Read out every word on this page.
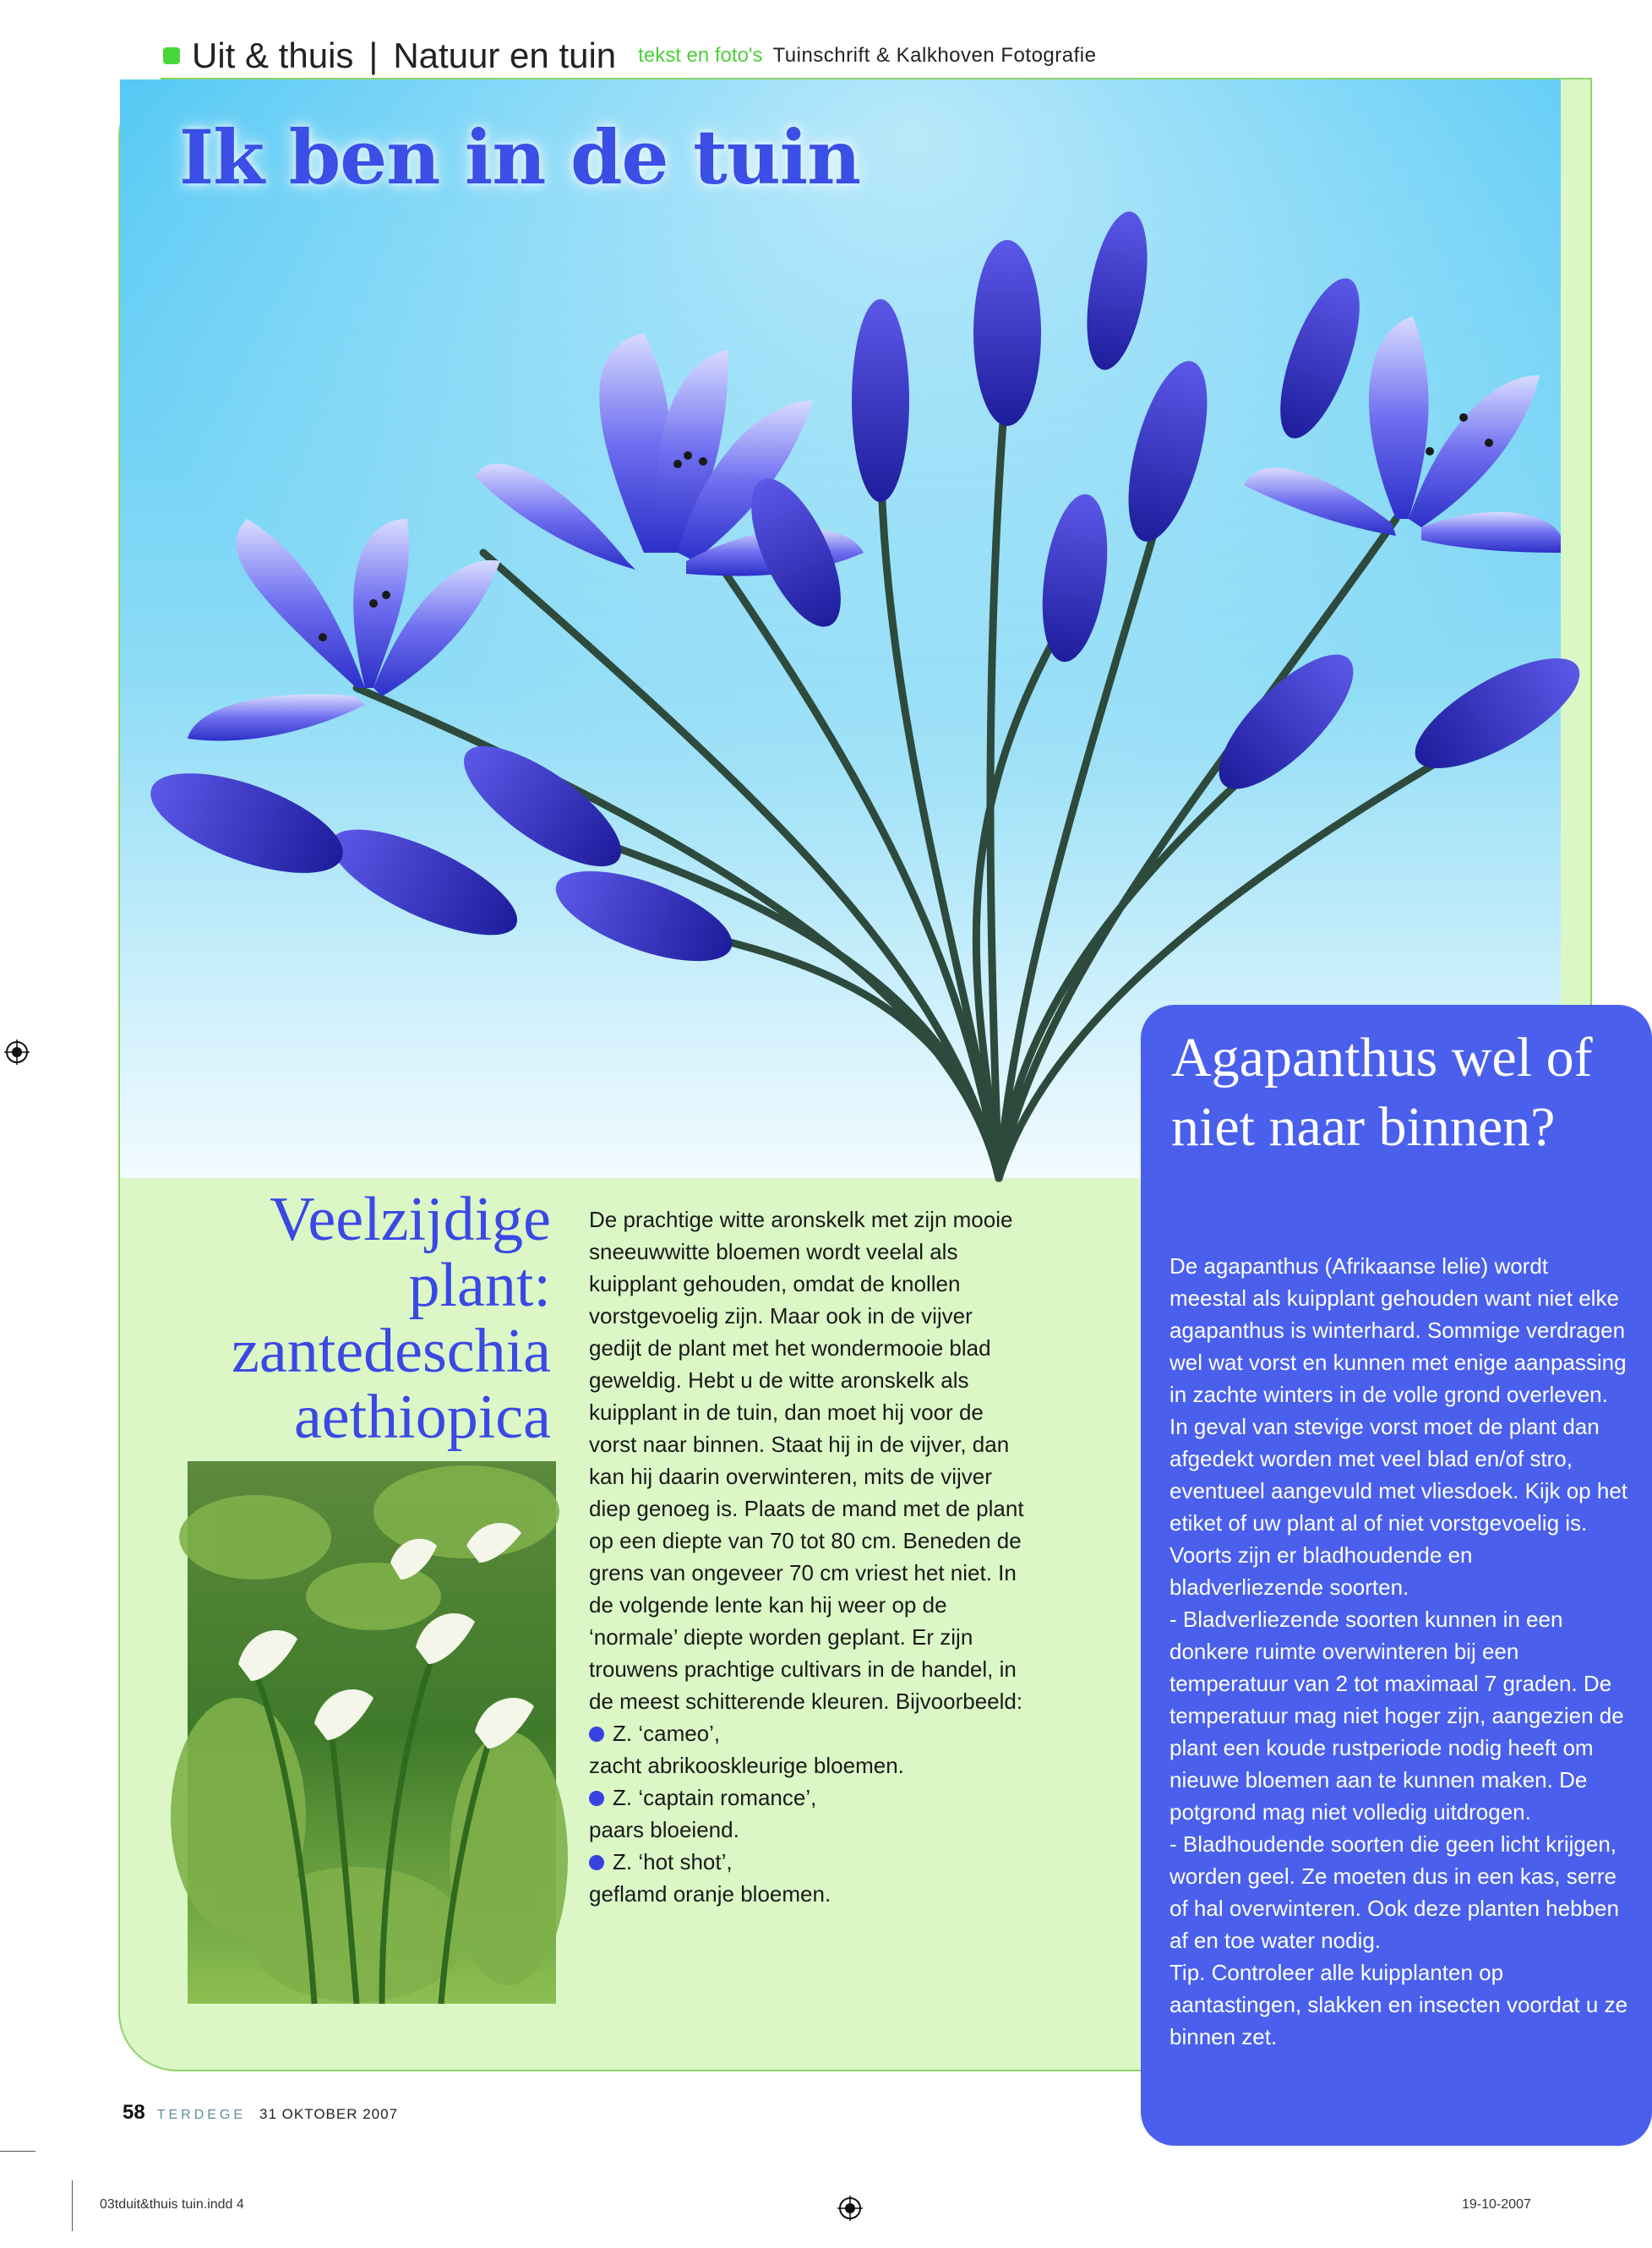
Uit & thuis | Natuur en tuin tekst en foto's Tuinschrift & Kalkhoven Fotografie
Ik ben in de tuin
Veelzijdige plant: zantedeschia aethiopica

De prachtige witte aronskelk met zijn mooie sneeuwwitte bloemen wordt veelal als kuipplant gehouden, omdat de knollen vorstgevoelig zijn. Maar ook in de vijver gedijt de plant met het wondermooie blad geweldig. Hebt u de witte aronskelk als kuipplant in de tuin, dan moet hij voor de vorst naar binnen. Staat hij in de vijver, dan kan hij daarin overwinteren, mits de vijver diep genoeg is. Plaats de mand met de plant op een diepte van 70 tot 80 cm. Beneden de grens van ongeveer 70 cm vriest het niet. In de volgende lente kan hij weer op de ‘normale’ diepte worden geplant. Er zijn trouwens prachtige cultivars in de handel, in de meest schitterende kleuren. Bijvoorbeeld:

Z. ‘cameo’,
zacht abrikooskleurige bloemen.
Z. ‘captain romance’,
paars bloeiend.
Z. ‘hot shot’,
geflamd oranje bloemen.
Agapanthus wel of niet naar binnen?

De agapanthus (Afrikaanse lelie) wordt meestal als kuipplant gehouden want niet elke agapanthus is winterhard. Sommige verdragen wel wat vorst en kunnen met enige aanpassing in zachte winters in de volle grond overleven. In geval van stevige vorst moet de plant dan afgedekt worden met veel blad en/of stro, eventueel aangevuld met vliesdoek. Kijk op het etiket of uw plant al of niet vorstgevoelig is. Voorts zijn er bladhoudende en bladverliezende soorten.

- Bladverliezende soorten kunnen in een donkere ruimte overwinteren bij een temperatuur van 2 tot maximaal 7 graden. De temperatuur mag niet hoger zijn, aangezien de plant een koude rustperiode nodig heeft om nieuwe bloemen aan te kunnen maken. De potgrond mag niet volledig uitdrogen.

- Bladhoudende soorten die geen licht krijgen, worden geel. Ze moeten dus in een kas, serre of hal overwinteren. Ook deze planten hebben af en toe water nodig.

Tip. Controleer alle kuipplanten op aantastingen, slakken en insecten voordat u ze binnen zet.

58 TERDEGE 31 OKTOBER 2007
03tduit&thuis tuin.indd 4	19-10-2007
